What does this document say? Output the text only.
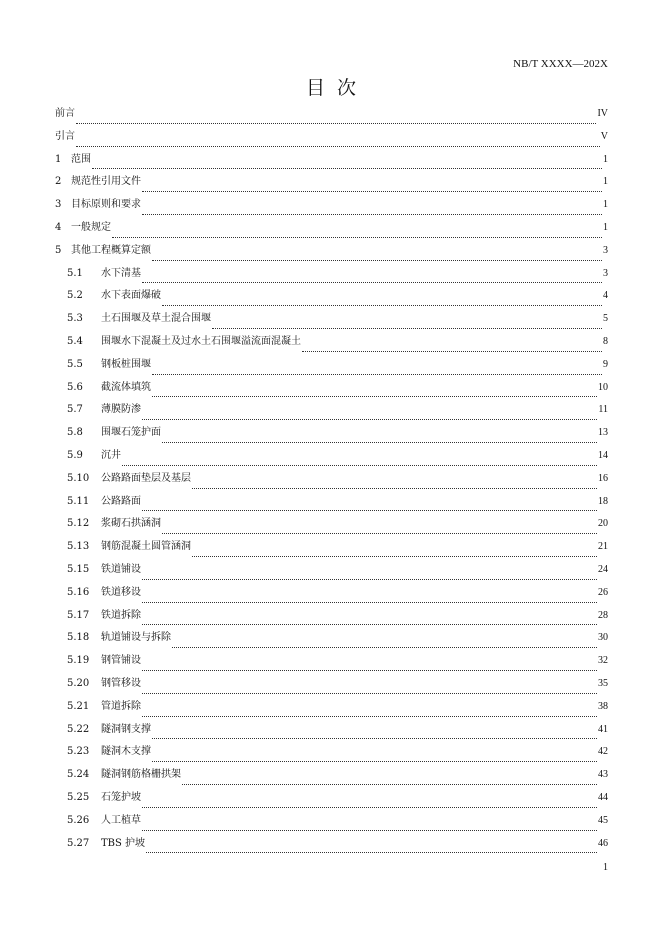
NB/T XXXX—202X
目  次
前言	IV
引言	V
1 范围	1
2 规范性引用文件	1
3 目标原则和要求	1
4 一般规定	1
5 其他工程概算定额	3
5.1	水下清基	3
5.2	水下表面爆破	4
5.3	土石围堰及草土混合围堰	5
5.4	围堰水下混凝土及过水土石围堰溢流面混凝土	8
5.5	钢板桩围堰	9
5.6	截流体填筑	10
5.7	薄膜防渗	11
5.8	围堰石笼护面	13
5.9	沉井	14
5.10	公路路面垫层及基层	16
5.11	公路路面	18
5.12	浆砌石拱涵洞	20
5.13	钢筋混凝土圆管涵洞	21
5.15	铁道铺设	24
5.16	铁道移设	26
5.17	铁道拆除	28
5.18	轨道铺设与拆除	30
5.19	钢管铺设	32
5.20	钢管移设	35
5.21	管道拆除	38
5.22	隧洞钢支撑	41
5.23	隧洞木支撑	42
5.24	隧洞钢筋格栅拱架	43
5.25	石笼护坡	44
5.26	人工植草	45
5.27	TBS 护坡	46
1
